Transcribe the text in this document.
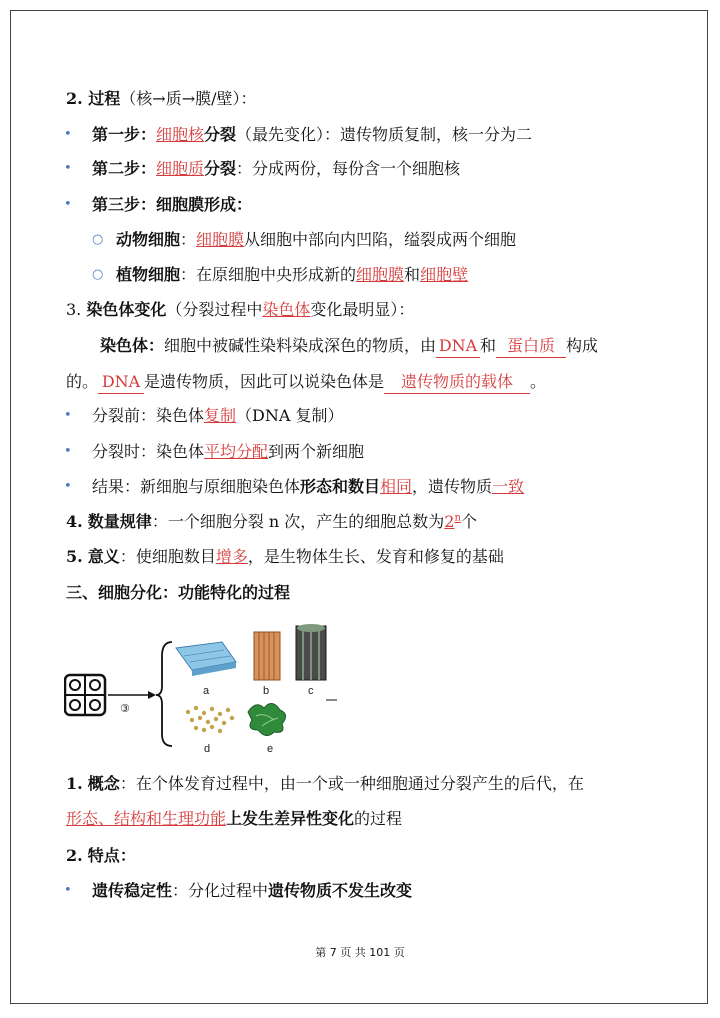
2. 过程（核→质→膜/壁）：
• 第一步：细胞核分裂（最先变化）：遗传物质复制，核一分为二
• 第二步：细胞质分裂：分成两份，每份含一个细胞核
• 第三步：细胞膜形成：
○ 动物细胞：细胞膜从细胞中部向内凹陷，缢裂成两个细胞
○ 植物细胞：在原细胞中央形成新的细胞膜和细胞壁
3. 染色体变化（分裂过程中染色体变化最明显）：
染色体：细胞中被碱性染料染成深色的物质，由 DNA 和 蛋白质 构成
的。 DNA 是遗传物质，因此可以说染色体是 遗传物质的载体 。
• 分裂前：染色体复制（DNA 复制）
• 分裂时：染色体平均分配到两个新细胞
• 结果：新细胞与原细胞染色体形态和数目相同，遗传物质一致
4. 数量规律：一个细胞分裂 n 次，产生的细胞总数为2$^n$个
5. 意义：使细胞数目增多，是生物体生长、发育和修复的基础
三、细胞分化：功能特化的过程
③
a	b	c
d	e
1. 概念：在个体发育过程中，由一个或一种细胞通过分裂产生的后代，在
形态、结构和生理功能上发生差异性变化的过程
2. 特点：
• 遗传稳定性：分化过程中遗传物质不发生改变
第 7 页 共 101 页
